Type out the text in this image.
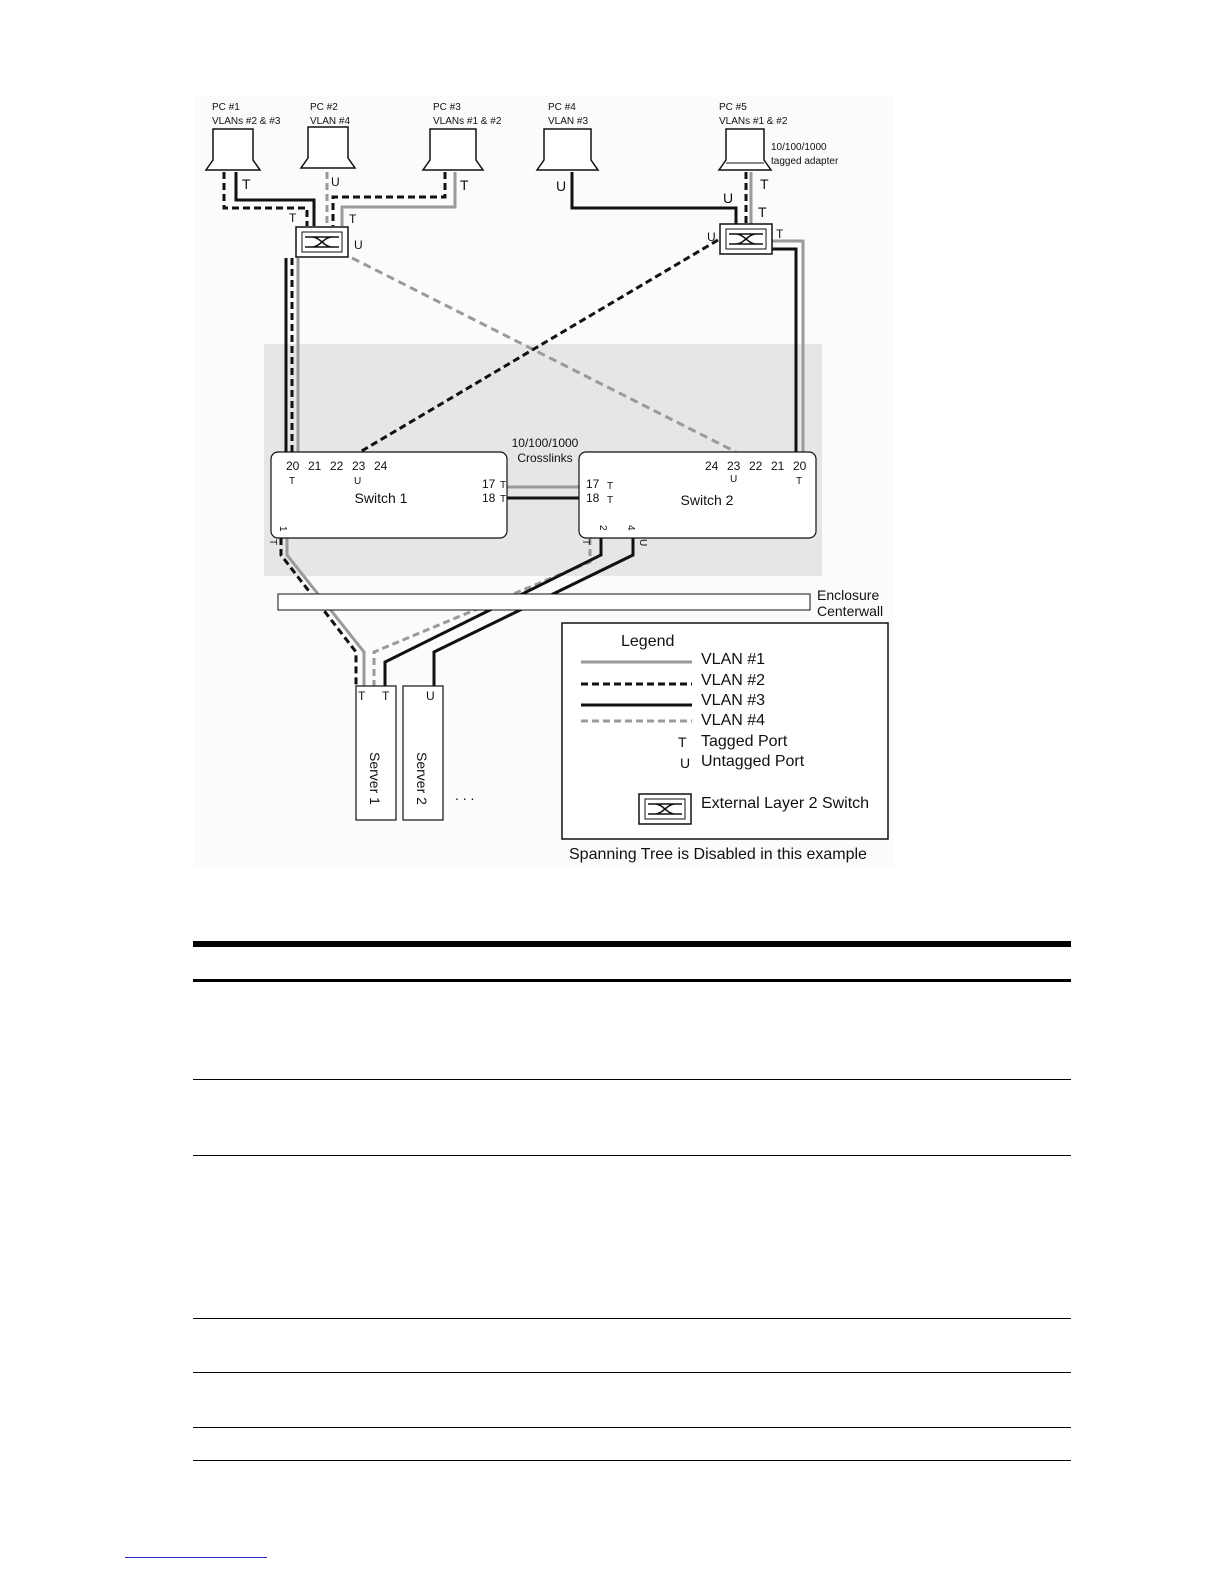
PC #1
VLANs #2 & #3
PC #2
VLAN #4
PC #3
VLANs #1 & #2
PC #4
VLAN #3
PC #5
VLANs #1 & #2
10/100/1000
tagged adapter
T	U	T	U	T
U
T
T	T
U
U	T
10/100/1000
Crosslinks
20 21 22 23 24
T	U
Switch 1
17
18
T
T
1
T
24 23 22 21 20
U	T
Switch 2
17
18
T
T
2 4
T	U
Enclosure
Centerwall
T T
Server 1
U
Server 2 . . .
Legend
VLAN #1
VLAN #2
VLAN #3
VLAN #4
T Tagged Port
U Untagged Port
External Layer 2 Switch
Spanning Tree is Disabled in this example
